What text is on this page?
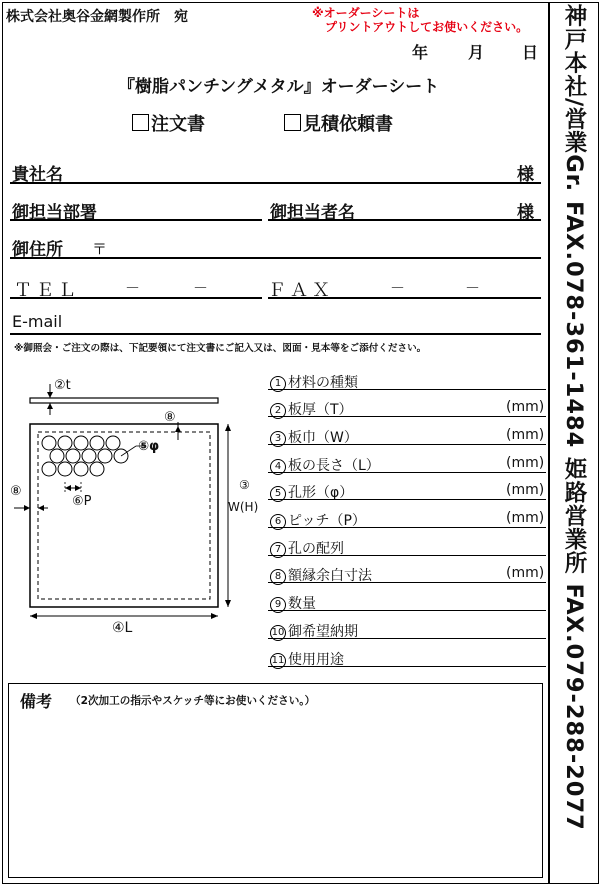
神戸本社/営業Gr. FAX.078-361-1484 姫路営業所 FAX.079-288-2077
株式会社奥谷金網製作所　宛	※オーダーシートは
プリントアウトしてお使いください。
年 月 日
『樹脂パンチングメタル』オーダーシート
注文書	見積依頼書
貴社名	様
御担当部署	御担当者名	様
御住所 〒
ＴＥＬ	－	－	ＦＡＸ	－	－
E-mail
※御照会・ご注文の際は、下記要領にて注文書にご記入又は、図面・見本等をご添付ください。
②t
⑧
⑤φ
⑧
⑥P
③
W(H)
④L
1 材料の種類
2 板厚（T）	(mm)
3 板巾（W）	(mm)
4 板の長さ（L）	(mm)
5 孔形（φ）	(mm)
6 ピッチ（P）	(mm)
7 孔の配列
8 額縁余白寸法	(mm)
9 数量
10 御希望納期
11 使用用途
備考 （2次加工の指示やスケッチ等にお使いください。）
